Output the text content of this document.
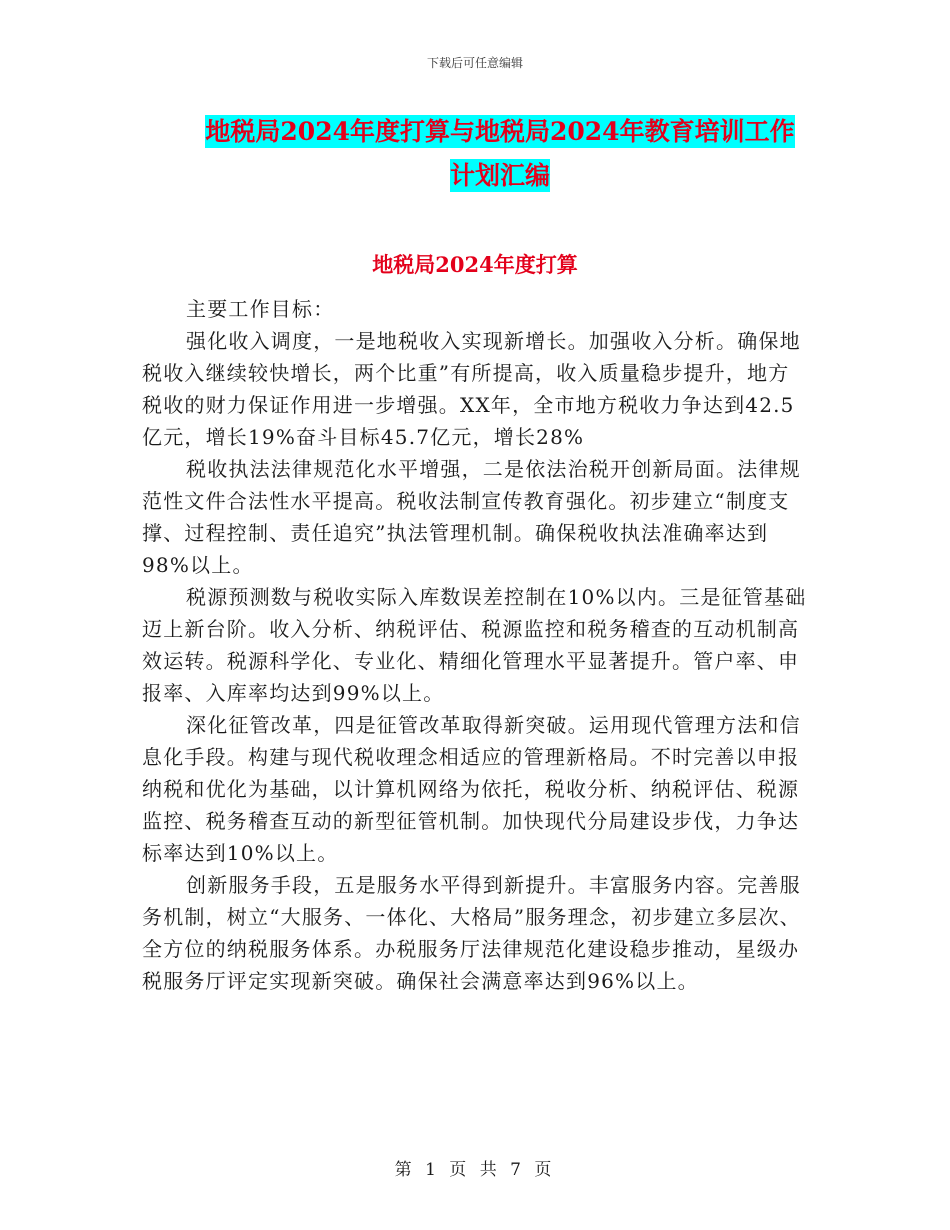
下载后可任意编辑
地税局2024年度打算与地税局2024年教育培训工作
计划汇编
地税局2024年度打算

主要工作目标：

强化收入调度，一是地税收入实现新增长。加强收入分析。确保地税收入继续较快增长，两个比重”有所提高，收入质量稳步提升，地方税收的财力保证作用进一步增强。XX年，全市地方税收力争达到42.5亿元，增长19%奋斗目标45.7亿元，增长28%

税收执法法律规范化水平增强，二是依法治税开创新局面。法律规范性文件合法性水平提高。税收法制宣传教育强化。初步建立“制度支撑、过程控制、责任追究”执法管理机制。确保税收执法准确率达到98%以上。

税源预测数与税收实际入库数误差控制在10%以内。三是征管基础迈上新台阶。收入分析、纳税评估、税源监控和税务稽查的互动机制高效运转。税源科学化、专业化、精细化管理水平显著提升。管户率、申报率、入库率均达到99%以上。

深化征管改革，四是征管改革取得新突破。运用现代管理方法和信息化手段。构建与现代税收理念相适应的管理新格局。不时完善以申报纳税和优化为基础，以计算机网络为依托，税收分析、纳税评估、税源监控、税务稽查互动的新型征管机制。加快现代分局建设步伐，力争达标率达到10%以上。

创新服务手段，五是服务水平得到新提升。丰富服务内容。完善服务机制，树立“大服务、一体化、大格局”服务理念，初步建立多层次、全方位的纳税服务体系。办税服务厅法律规范化建设稳步推动，星级办税服务厅评定实现新突破。确保社会满意率达到96%以上。

第 1 页 共 7 页
